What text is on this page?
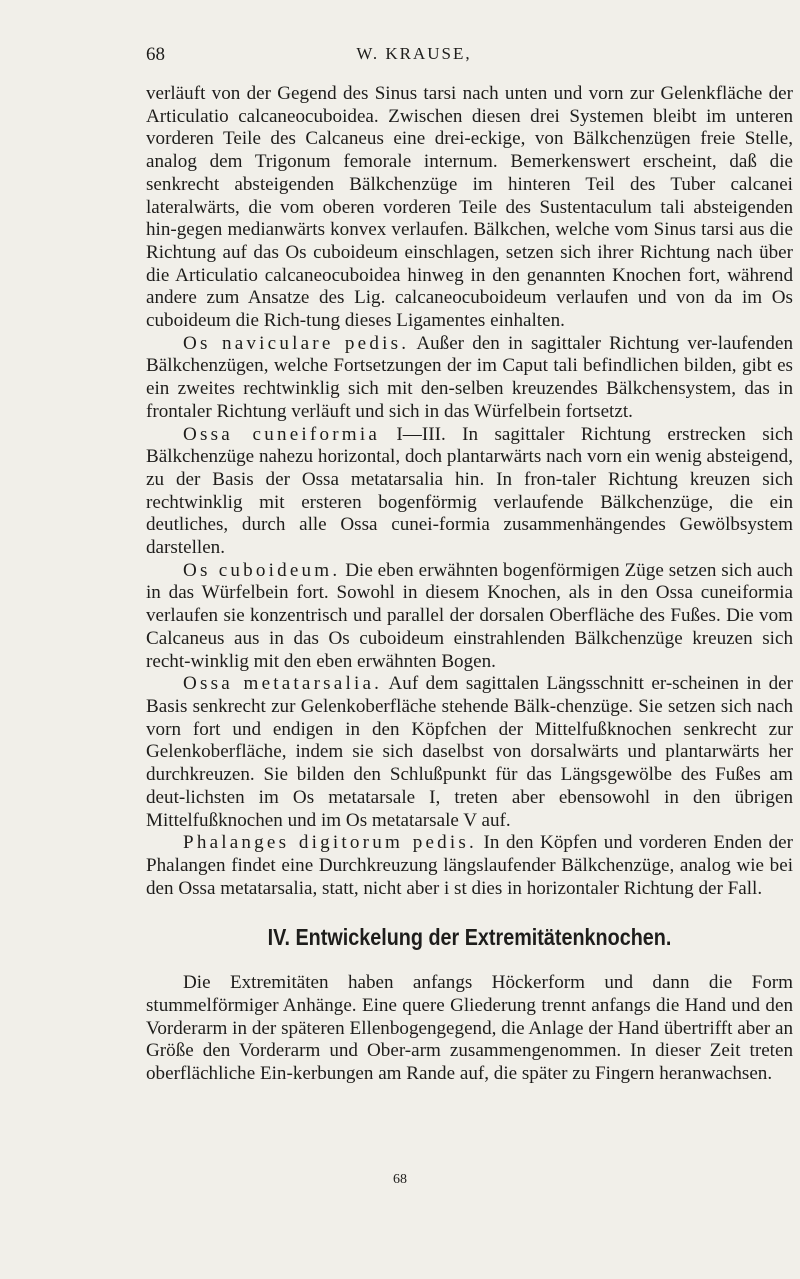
68	W. KRAUSE,

verläuft von der Gegend des Sinus tarsi nach unten und vorn zur Gelenkfläche der Articulatio calcaneocuboidea. Zwischen diesen drei Systemen bleibt im unteren vorderen Teile des Calcaneus eine drei-eckige, von Bälkchenzügen freie Stelle, analog dem Trigonum femorale internum. Bemerkenswert erscheint, daß die senkrecht absteigenden Bälkchenzüge im hinteren Teil des Tuber calcanei lateralwärts, die vom oberen vorderen Teile des Sustentaculum tali absteigenden hin-gegen medianwärts konvex verlaufen. Bälkchen, welche vom Sinus tarsi aus die Richtung auf das Os cuboideum einschlagen, setzen sich ihrer Richtung nach über die Articulatio calcaneocuboidea hinweg in den genannten Knochen fort, während andere zum Ansatze des Lig. calcaneocuboideum verlaufen und von da im Os cuboideum die Rich-tung dieses Ligamentes einhalten.

Os naviculare pedis. Außer den in sagittaler Richtung ver-laufenden Bälkchenzügen, welche Fortsetzungen der im Caput tali befindlichen bilden, gibt es ein zweites rechtwinklig sich mit den-selben kreuzendes Bälkchensystem, das in frontaler Richtung verläuft und sich in das Würfelbein fortsetzt.

Ossa cuneiformia I—III. In sagittaler Richtung erstrecken sich Bälkchenzüge nahezu horizontal, doch plantarwärts nach vorn ein wenig absteigend, zu der Basis der Ossa metatarsalia hin. In fron-taler Richtung kreuzen sich rechtwinklig mit ersteren bogenförmig verlaufende Bälkchenzüge, die ein deutliches, durch alle Ossa cunei-formia zusammenhängendes Gewölbsystem darstellen.

Os cuboideum. Die eben erwähnten bogenförmigen Züge setzen sich auch in das Würfelbein fort. Sowohl in diesem Knochen, als in den Ossa cuneiformia verlaufen sie konzentrisch und parallel der dorsalen Oberfläche des Fußes. Die vom Calcaneus aus in das Os cuboideum einstrahlenden Bälkchenzüge kreuzen sich recht-winklig mit den eben erwähnten Bogen.

Ossa metatarsalia. Auf dem sagittalen Längsschnitt er-scheinen in der Basis senkrecht zur Gelenkoberfläche stehende Bälk-chenzüge. Sie setzen sich nach vorn fort und endigen in den Köpfchen der Mittelfußknochen senkrecht zur Gelenkoberfläche, indem sie sich daselbst von dorsalwärts und plantarwärts her durchkreuzen. Sie bilden den Schlußpunkt für das Längsgewölbe des Fußes am deut-lichsten im Os metatarsale I, treten aber ebensowohl in den übrigen Mittelfußknochen und im Os metatarsale V auf.

Phalanges digitorum pedis. In den Köpfen und vorderen Enden der Phalangen findet eine Durchkreuzung längslaufender Bälkchenzüge, analog wie bei den Ossa metatarsalia, statt, nicht aber i st dies in horizontaler Richtung der Fall.

IV. Entwickelung der Extremitätenknochen.

Die Extremitäten haben anfangs Höckerform und dann die Form stummelförmiger Anhänge. Eine quere Gliederung trennt anfangs die Hand und den Vorderarm in der späteren Ellenbogengegend, die Anlage der Hand übertrifft aber an Größe den Vorderarm und Ober-arm zusammengenommen. In dieser Zeit treten oberflächliche Ein-kerbungen am Rande auf, die später zu Fingern heranwachsen.

68
